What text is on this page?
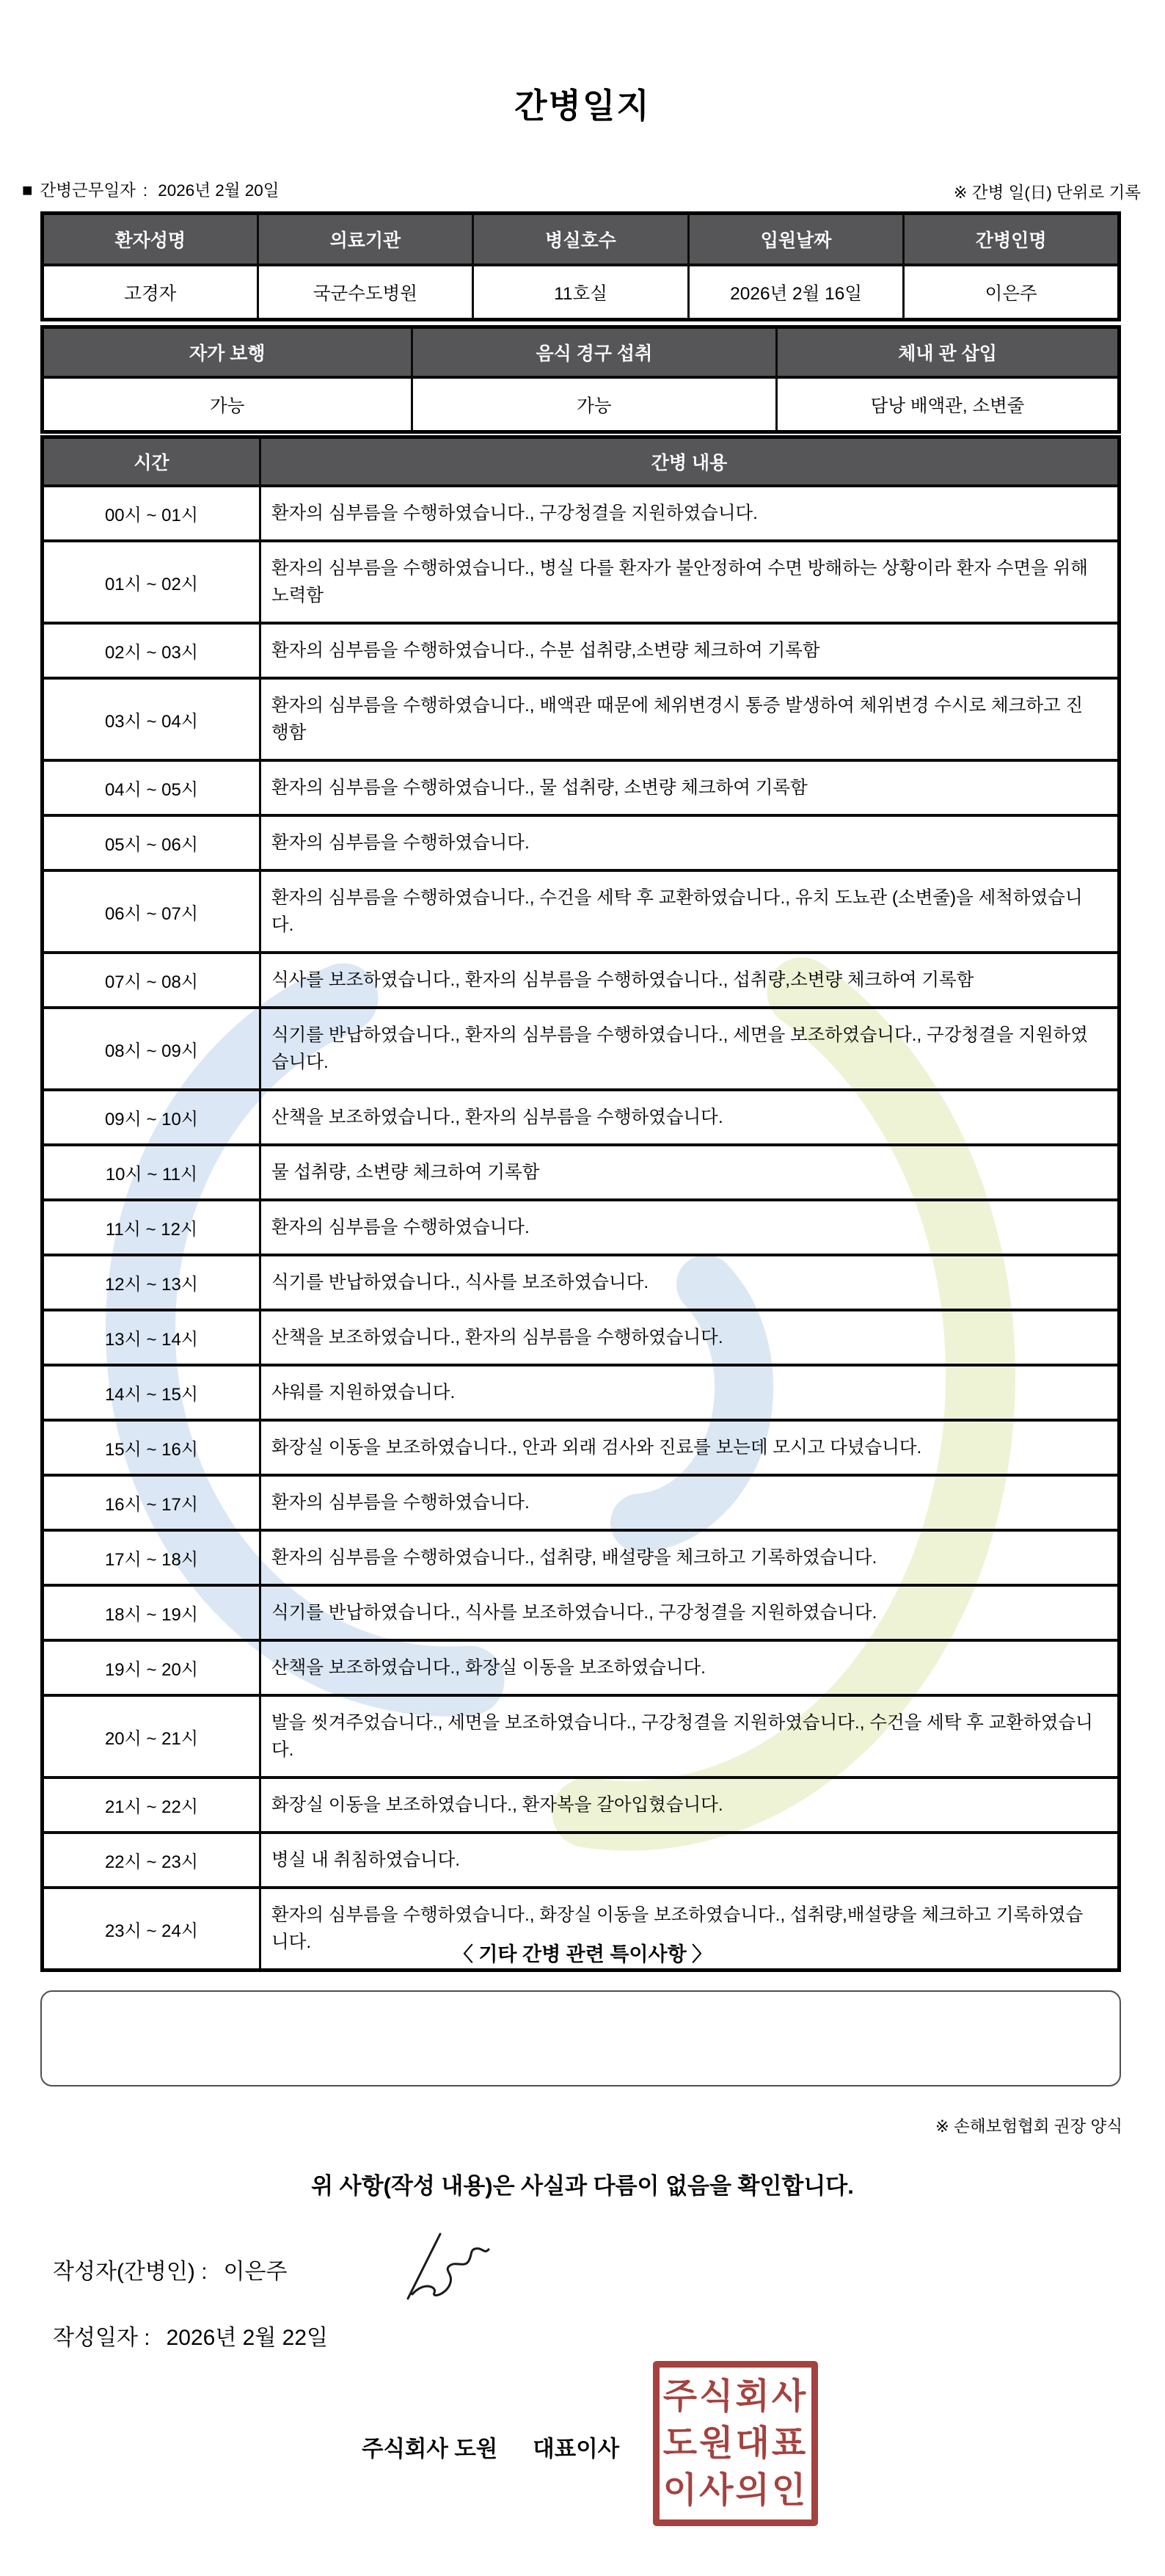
간병일지
■ 간병근무일자 : 2026년 2월 20일	※ 간병 일(日) 단위로 기록
환자성명	의료기관	병실호수	입원날짜	간병인명
고경자	국군수도병원	11호실	2026년 2월 16일	이은주
자가 보행	음식 경구 섭취	체내 관 삽입
가능	가능	담낭 배액관, 소변줄
시간	간병 내용
00시 ~ 01시	환자의 심부름을 수행하였습니다., 구강청결을 지원하였습니다.
01시 ~ 02시	환자의 심부름을 수행하였습니다., 병실 다를 환자가 불안정하여 수면 방해하는 상황이라 환자 수면을 위해 노력함
02시 ~ 03시	환자의 심부름을 수행하였습니다., 수분 섭취량,소변량 체크하여 기록함
03시 ~ 04시	환자의 심부름을 수행하였습니다., 배액관 때문에 체위변경시 통증 발생하여 체위변경 수시로 체크하고 진행함
04시 ~ 05시	환자의 심부름을 수행하였습니다., 물 섭취량, 소변량 체크하여 기록함
05시 ~ 06시	환자의 심부름을 수행하였습니다.
06시 ~ 07시	환자의 심부름을 수행하였습니다., 수건을 세탁 후 교환하였습니다., 유치 도뇨관 (소변줄)을 세척하였습니다.
07시 ~ 08시	식사를 보조하였습니다., 환자의 심부름을 수행하였습니다., 섭취량,소변량 체크하여 기록함
08시 ~ 09시	식기를 반납하였습니다., 환자의 심부름을 수행하였습니다., 세면을 보조하였습니다., 구강청결을 지원하였습니다.
09시 ~ 10시	산책을 보조하였습니다., 환자의 심부름을 수행하였습니다.
10시 ~ 11시	물 섭취량, 소변량 체크하여 기록함
11시 ~ 12시	환자의 심부름을 수행하였습니다.
12시 ~ 13시	식기를 반납하였습니다., 식사를 보조하였습니다.
13시 ~ 14시	산책을 보조하였습니다., 환자의 심부름을 수행하였습니다.
14시 ~ 15시	샤워를 지원하였습니다.
15시 ~ 16시	화장실 이동을 보조하였습니다., 안과 외래 검사와 진료를 보는데 모시고 다녔습니다.
16시 ~ 17시	환자의 심부름을 수행하였습니다.
17시 ~ 18시	환자의 심부름을 수행하였습니다., 섭취량, 배설량을 체크하고 기록하였습니다.
18시 ~ 19시	식기를 반납하였습니다., 식사를 보조하였습니다., 구강청결을 지원하였습니다.
19시 ~ 20시	산책을 보조하였습니다., 화장실 이동을 보조하였습니다.
20시 ~ 21시	발을 씻겨주었습니다., 세면을 보조하였습니다., 구강청결을 지원하였습니다., 수건을 세탁 후 교환하였습니다.
21시 ~ 22시	화장실 이동을 보조하였습니다., 환자복을 갈아입혔습니다.
22시 ~ 23시	병실 내 취침하였습니다.
23시 ~ 24시	환자의 심부름을 수행하였습니다., 화장실 이동을 보조하였습니다., 섭취량,배설량을 체크하고 기록하였습니다.
〈 기타 간병 관련 특이사항 〉
※ 손해보험협회 권장 양식
위 사항(작성 내용)은 사실과 다름이 없음을 확인합니다.
작성자(간병인) : 이은주
작성일자 : 2026년 2월 22일
주식회사 도원 대표이사
주식회사
도원대표
이사의인
